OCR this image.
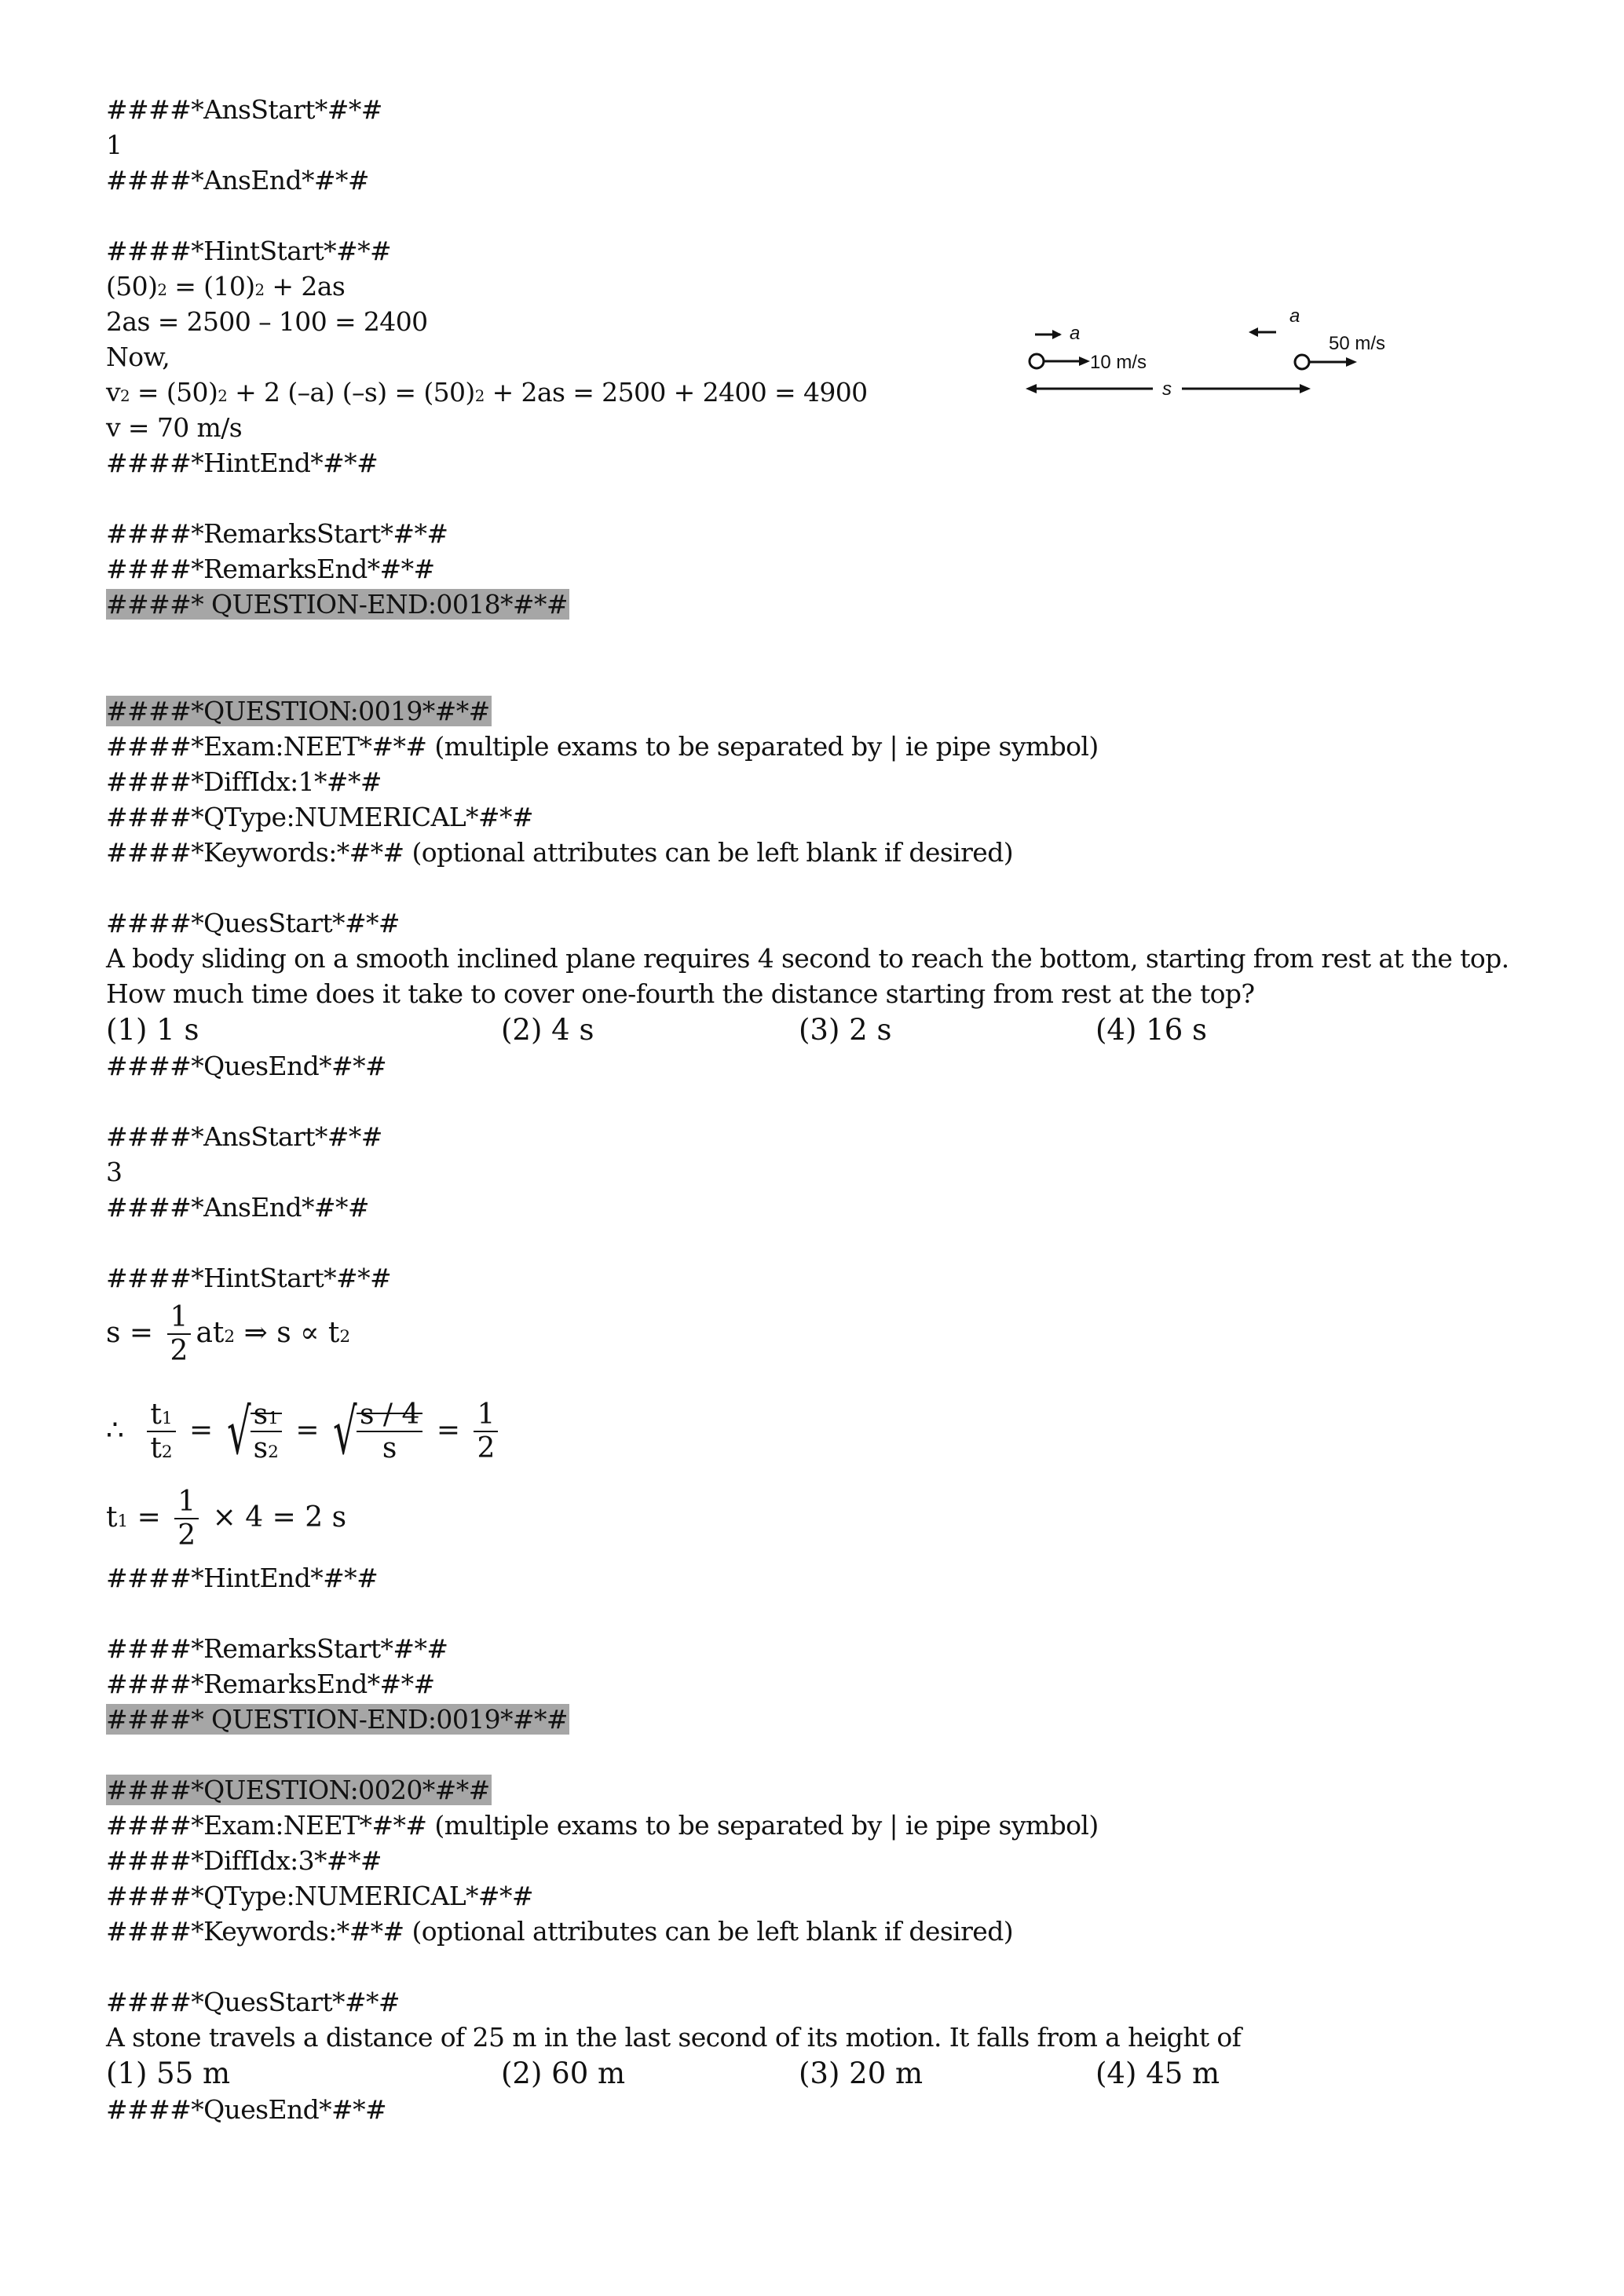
####*AnsStart*#*#
1
####*AnsEnd*#*#
####*HintStart*#*#
$(50)^2 = (10)^2 + 2as$
2as = 2500 – 100 = 2400
Now,
$v^2 = (50)^2 + 2$ (–a) $(-s) = (50)^2 + 2as = 2500 + 2400 = 4900$
v = 70 m/s
####*HintEnd*#*#
a
10 m/s
a
50 m/s
s
####*RemarksStart*#*#
####*RemarksEnd*#*#
####* QUESTION-END:0018*#*#
####*QUESTION:0019*#*#
####*Exam:NEET*#*# (multiple exams to be separated by | ie pipe symbol)
####*DiffIdx:1*#*#
####*QType:NUMERICAL*#*#
####*Keywords:*#*# (optional attributes can be left blank if desired)
####*QuesStart*#*#
A body sliding on a smooth inclined plane requires 4 second to reach the bottom, starting from rest at the top.
How much time does it take to cover one-fourth the distance starting from rest at the top?
(1) 1 s	(2) 4 s	(3) 2 s	(4) 16 s
####*QuesEnd*#*#
####*AnsStart*#*#
3
####*AnsEnd*#*#
####*HintStart*#*#
$s = \frac{1}{2} at^2$ ⇒ $s \propto t^2$
∴ $\frac{t_1}{t_2}$ = √ $\frac{s_1}{s_2}$ = √ $\frac{s / 4}{s} = \frac{1}{2}$
$t_1 = \frac{1}{2} \times 4 = 2$ s
####*HintEnd*#*#
####*RemarksStart*#*#
####*RemarksEnd*#*#
####* QUESTION-END:0019*#*#
####*QUESTION:0020*#*#
####*Exam:NEET*#*# (multiple exams to be separated by | ie pipe symbol)
####*DiffIdx:3*#*#
####*QType:NUMERICAL*#*#
####*Keywords:*#*# (optional attributes can be left blank if desired)
####*QuesStart*#*#
A stone travels a distance of 25 m in the last second of its motion. It falls from a height of
(1) 55 m	(2) 60 m	(3) 20 m	(4) 45 m
####*QuesEnd*#*#
